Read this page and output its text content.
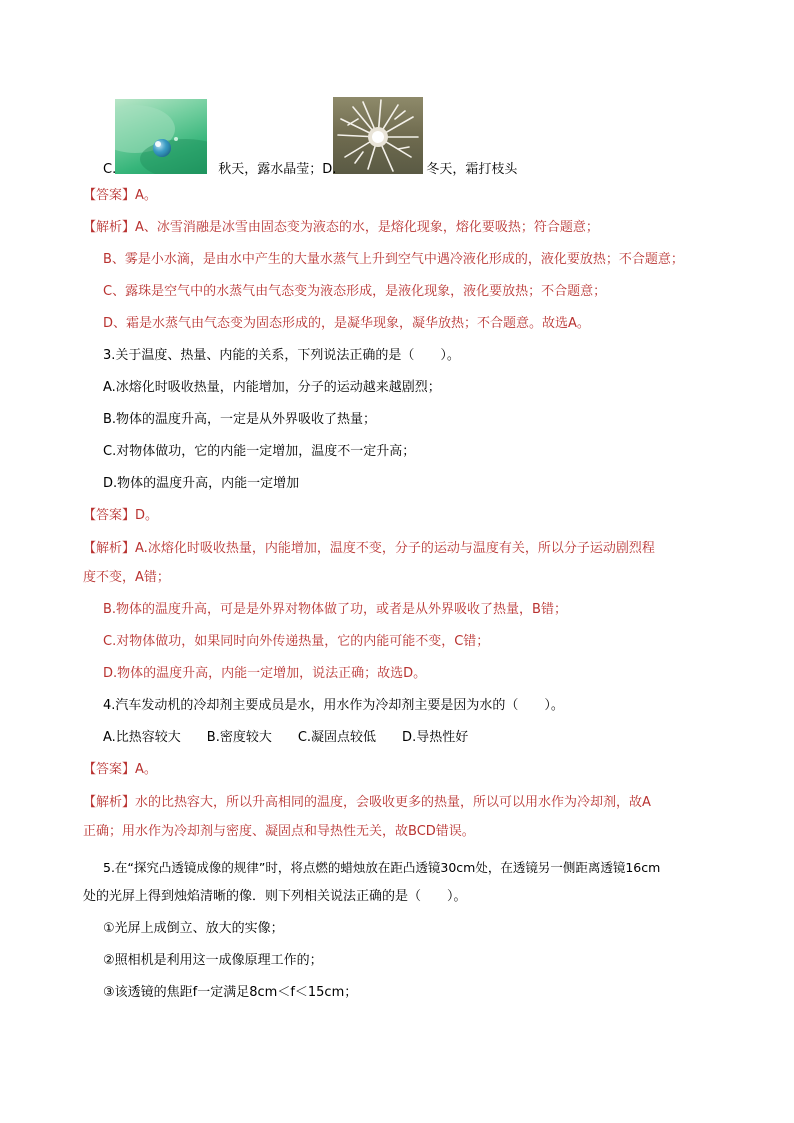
C.	秋天，露水晶莹；D.	冬天，霜打枝头
【答案】A。
【解析】A、冰雪消融是冰雪由固态变为液态的水，是熔化现象，熔化要吸热；符合题意；
B、雾是小水滴，是由水中产生的大量水蒸气上升到空气中遇冷液化形成的，液化要放热；不合题意；
C、露珠是空气中的水蒸气由气态变为液态形成，是液化现象，液化要放热；不合题意；
D、霜是水蒸气由气态变为固态形成的，是凝华现象，凝华放热；不合题意。故选A。
3.关于温度、热量、内能的关系，下列说法正确的是（　　）。
A.冰熔化时吸收热量，内能增加，分子的运动越来越剧烈；
B.物体的温度升高，一定是从外界吸收了热量；
C.对物体做功，它的内能一定增加，温度不一定升高；
D.物体的温度升高，内能一定增加
【答案】D。
【解析】A.冰熔化时吸收热量，内能增加，温度不变，分子的运动与温度有关，所以分子运动剧烈程
度不变，A错；
B.物体的温度升高，可是是外界对物体做了功，或者是从外界吸收了热量，B错；
C.对物体做功，如果同时向外传递热量，它的内能可能不变，C错；
D.物体的温度升高，内能一定增加，说法正确；故选D。
4.汽车发动机的冷却剂主要成员是水，用水作为冷却剂主要是因为水的（　　）。
A.比热容较大　　B.密度较大　　C.凝固点较低　　D.导热性好
【答案】A。
【解析】水的比热容大，所以升高相同的温度，会吸收更多的热量，所以可以用水作为冷却剂，故A
正确；用水作为冷却剂与密度、凝固点和导热性无关，故BCD错误。
5.在“探究凸透镜成像的规律”时，将点燃的蜡烛放在距凸透镜30cm处，在透镜另一侧距离透镜16cm
处的光屏上得到烛焰清晰的像．则下列相关说法正确的是（　　）。
①光屏上成倒立、放大的实像；
②照相机是利用这一成像原理工作的；
③该透镜的焦距f一定满足8cm＜f＜15cm；
